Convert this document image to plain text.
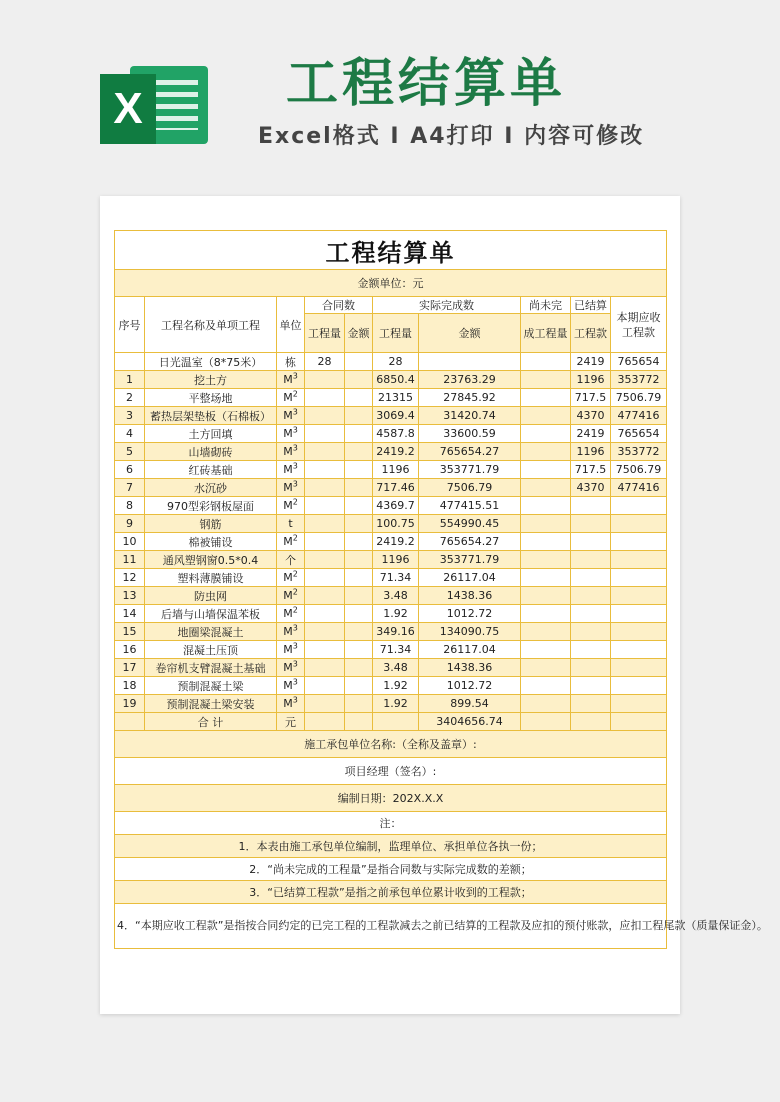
X	工程结算单
Excel格式 I A4打印 I 内容可修改
工程结算单									
金额单位：元									
序号	工程名称及单项工程	单位	合同数		实际完成数		尚未完	已结算	本期应收工程款
			工程量	金额	工程量	金额	成工程量	工程款	
	日光温室（8*75米）	栋	28		28			2419	765654
1	挖土方	$M^3$			6850.4	23763.29		1196	353772
2	平整场地	$M^2$			21315	27845.92		717.5	7506.79
3	蓄热层架垫板（石棉板）	$M^3$			3069.4	31420.74		4370	477416
4	土方回填	$M^3$			4587.8	33600.59		2419	765654
5	山墙砌砖	$M^3$			2419.2	765654.27		1196	353772
6	红砖基础	$M^3$			1196	353771.79		717.5	7506.79
7	水沉砂	$M^3$			717.46	7506.79		4370	477416
8	970型彩钢板屋面	$M^2$			4369.7	477415.51			
9	钢筋	t			100.75	554990.45			
10	棉被铺设	$M^2$			2419.2	765654.27			
11	通风塑钢窗0.5*0.4	个			1196	353771.79			
12	塑料薄膜铺设	$M^2$			71.34	26117.04			
13	防虫网	$M^2$			3.48	1438.36			
14	后墙与山墙保温苯板	$M^2$			1.92	1012.72			
15	地圈梁混凝土	$M^3$			349.16	134090.75			
16	混凝土压顶	$M^3$			71.34	26117.04			
17	卷帘机支臂混凝土基础	$M^3$			3.48	1438.36			
18	预制混凝土梁	$M^3$			1.92	1012.72			
19	预制混凝土梁安装	$M^3$			1.92	899.54			
	合 计	元				3404656.74			
施工承包单位名称:（全称及盖章）:									
项目经理（签名）:									
编制日期：202X.X.X									
注：									
1．本表由施工承包单位编制，监理单位、承担单位各执一份；									
2．“尚未完成的工程量”是指合同数与实际完成数的差额；									
3．“已结算工程款”是指之前承包单位累计收到的工程款；									
4．“本期应收工程款”是指按合同约定的已完工程的工程款减去之前已结算的工程款及应扣的预付账款，应扣工程尾款（质量保证金）。									
